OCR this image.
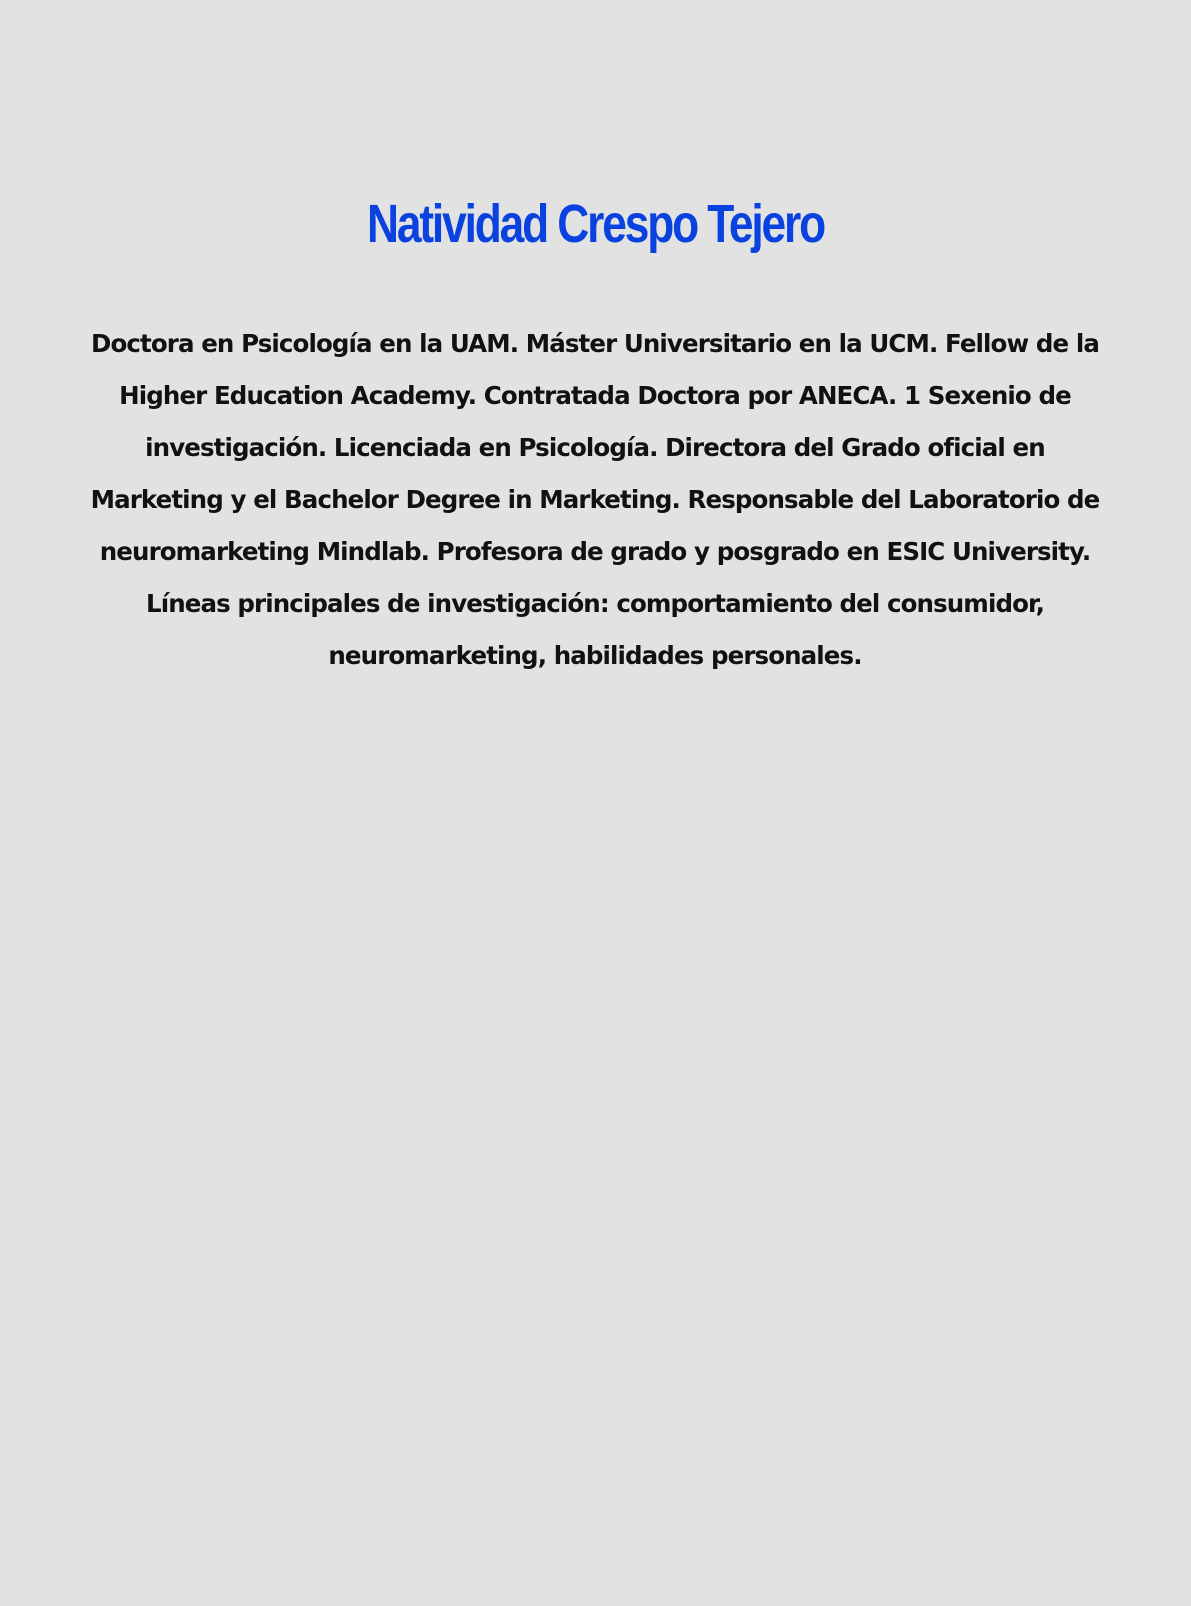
Natividad Crespo Tejero

Doctora en Psicología en la UAM. Máster Universitario en la UCM. Fellow de la Higher Education Academy. Contratada Doctora por ANECA. 1 Sexenio de investigación. Licenciada en Psicología. Directora del Grado oficial en Marketing y el Bachelor Degree in Marketing. Responsable del Laboratorio de neuromarketing Mindlab. Profesora de grado y posgrado en ESIC University. Líneas principales de investigación: comportamiento del consumidor, neuromarketing, habilidades personales.
